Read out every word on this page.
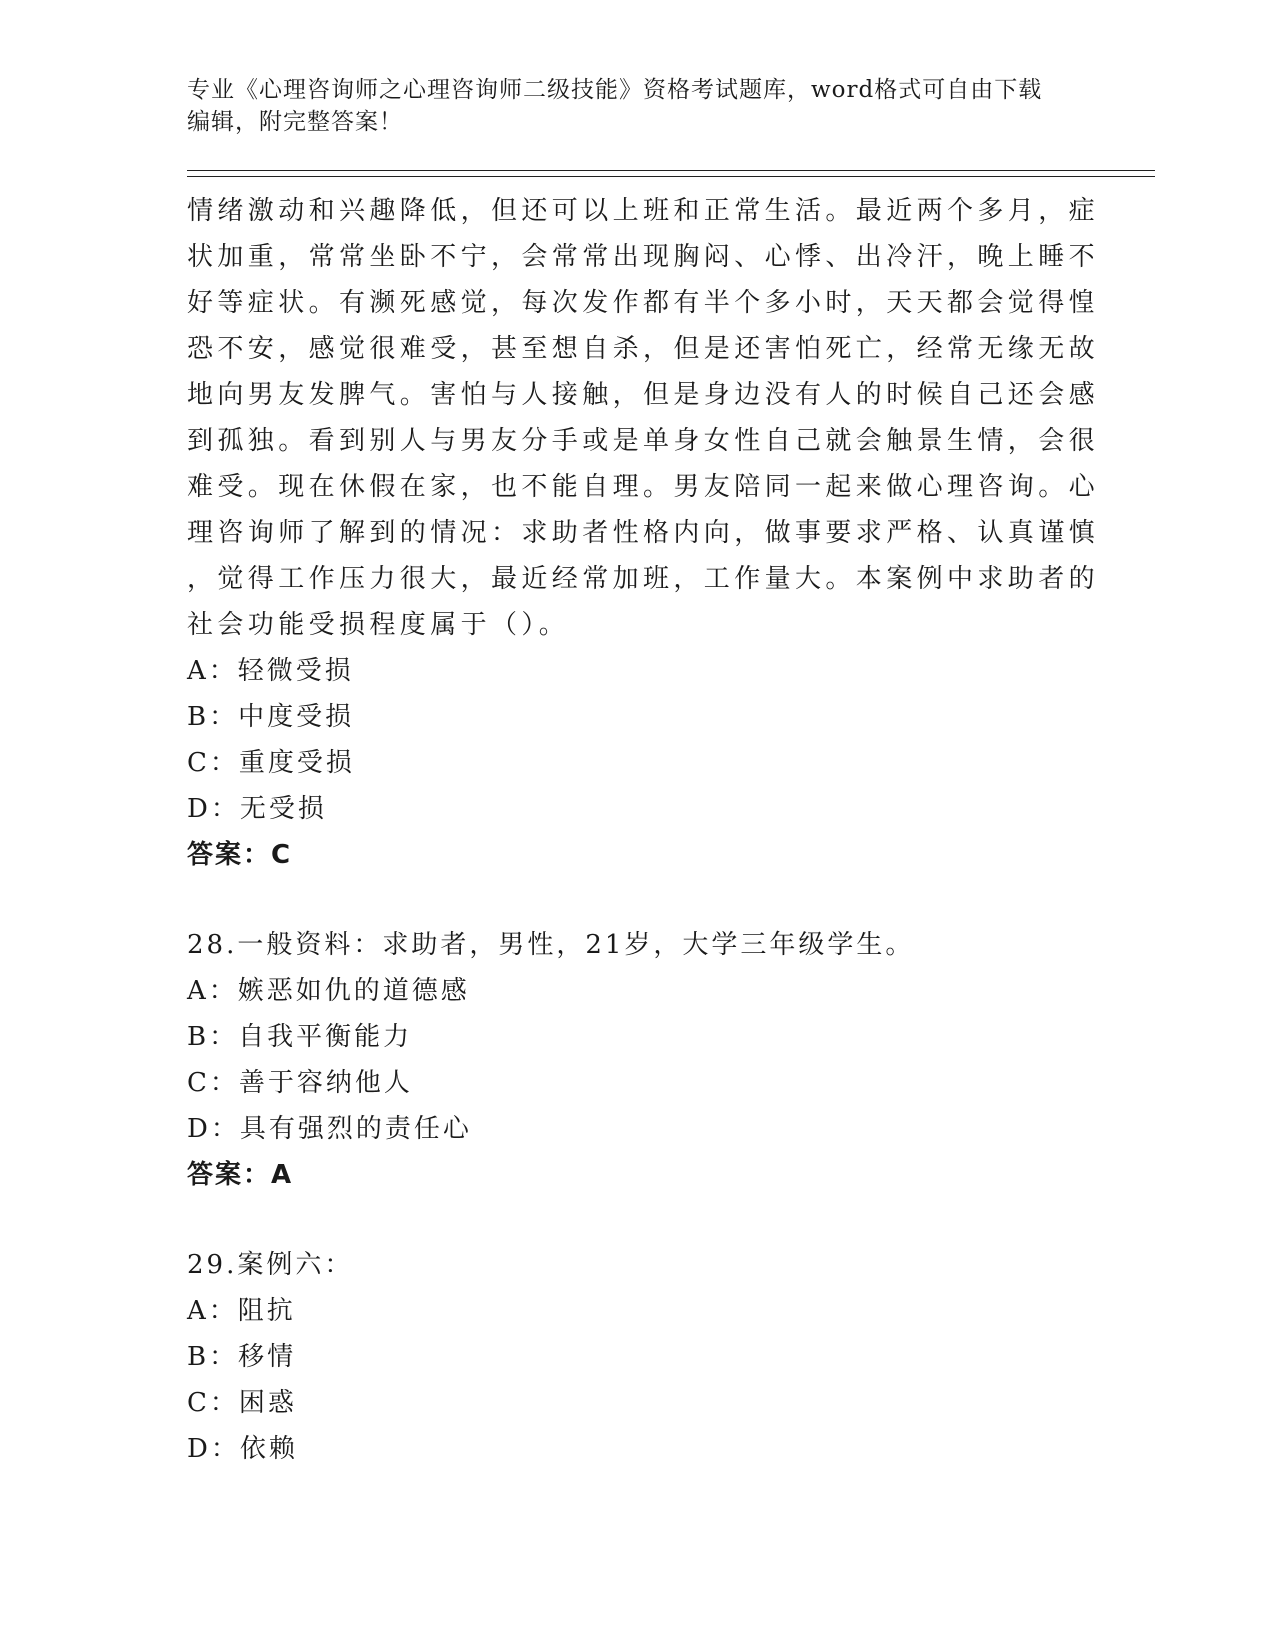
专业《心理咨询师之心理咨询师二级技能》资格考试题库，word格式可自由下载
编辑，附完整答案！
情绪激动和兴趣降低，但还可以上班和正常生活。最近两个多月，症
状加重，常常坐卧不宁，会常常出现胸闷、心悸、出冷汗，晚上睡不
好等症状。有濒死感觉，每次发作都有半个多小时，天天都会觉得惶
恐不安，感觉很难受，甚至想自杀，但是还害怕死亡，经常无缘无故
地向男友发脾气。害怕与人接触，但是身边没有人的时候自己还会感
到孤独。看到别人与男友分手或是单身女性自己就会触景生情，会很
难受。现在休假在家，也不能自理。男友陪同一起来做心理咨询。心
理咨询师了解到的情况：求助者性格内向，做事要求严格、认真谨慎
，觉得工作压力很大，最近经常加班，工作量大。本案例中求助者的
社会功能受损程度属于（）。
A：轻微受损
B：中度受损
C：重度受损
D：无受损
答案：C
28.一般资料：求助者，男性，21岁，大学三年级学生。
A：嫉恶如仇的道德感
B：自我平衡能力
C：善于容纳他人
D：具有强烈的责任心
答案：A
29.案例六：
A：阻抗
B：移情
C：困惑
D：依赖
